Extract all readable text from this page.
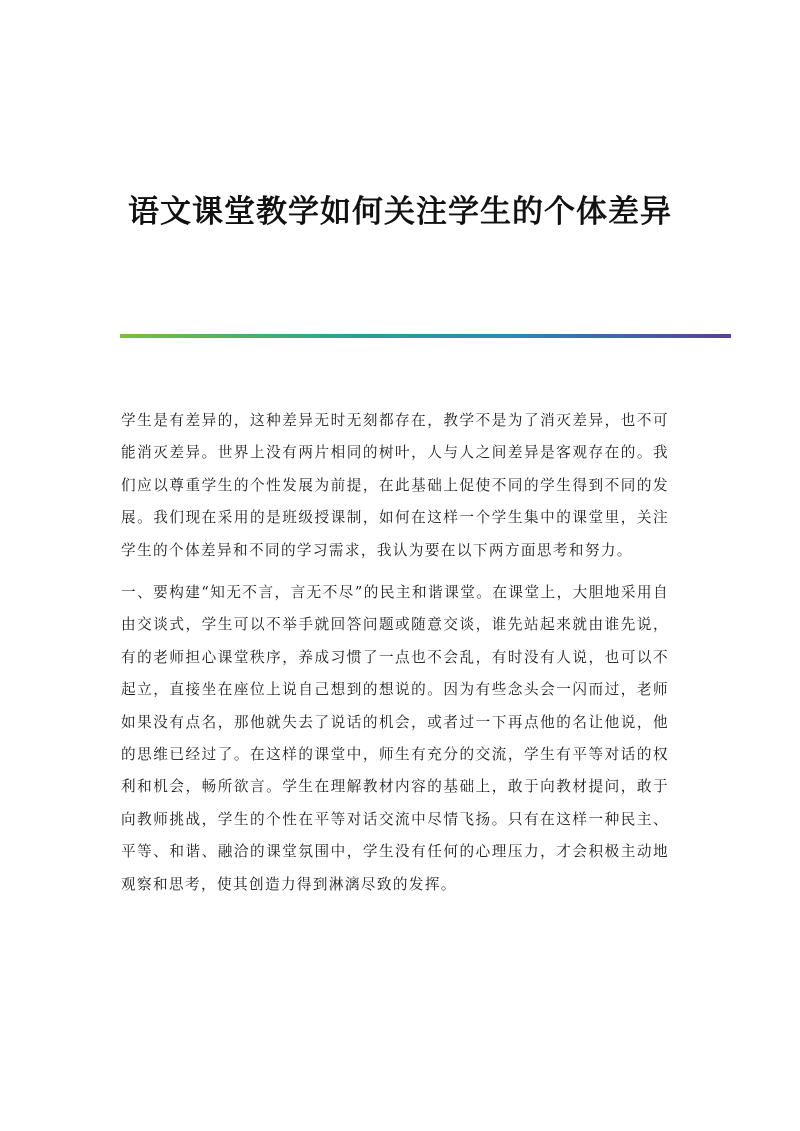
语文课堂教学如何关注学生的个体差异

学生是有差异的，这种差异无时无刻都存在，教学不是为了消灭差异，也不可能消灭差异。世界上没有两片相同的树叶，人与人之间差异是客观存在的。我们应以尊重学生的个性发展为前提，在此基础上促使不同的学生得到不同的发展。我们现在采用的是班级授课制，如何在这样一个学生集中的课堂里，关注学生的个体差异和不同的学习需求，我认为要在以下两方面思考和努力。

一、要构建“知无不言，言无不尽”的民主和谐课堂。在课堂上，大胆地采用自由交谈式，学生可以不举手就回答问题或随意交谈，谁先站起来就由谁先说，有的老师担心课堂秩序，养成习惯了一点也不会乱，有时没有人说，也可以不起立，直接坐在座位上说自己想到的想说的。因为有些念头会一闪而过，老师如果没有点名，那他就失去了说话的机会，或者过一下再点他的名让他说，他的思维已经过了。在这样的课堂中，师生有充分的交流，学生有平等对话的权利和机会，畅所欲言。学生在理解教材内容的基础上，敢于向教材提问，敢于向教师挑战，学生的个性在平等对话交流中尽情飞扬。只有在这样一种民主、平等、和谐、融洽的课堂氛围中，学生没有任何的心理压力，才会积极主动地观察和思考，使其创造力得到淋漓尽致的发挥。
